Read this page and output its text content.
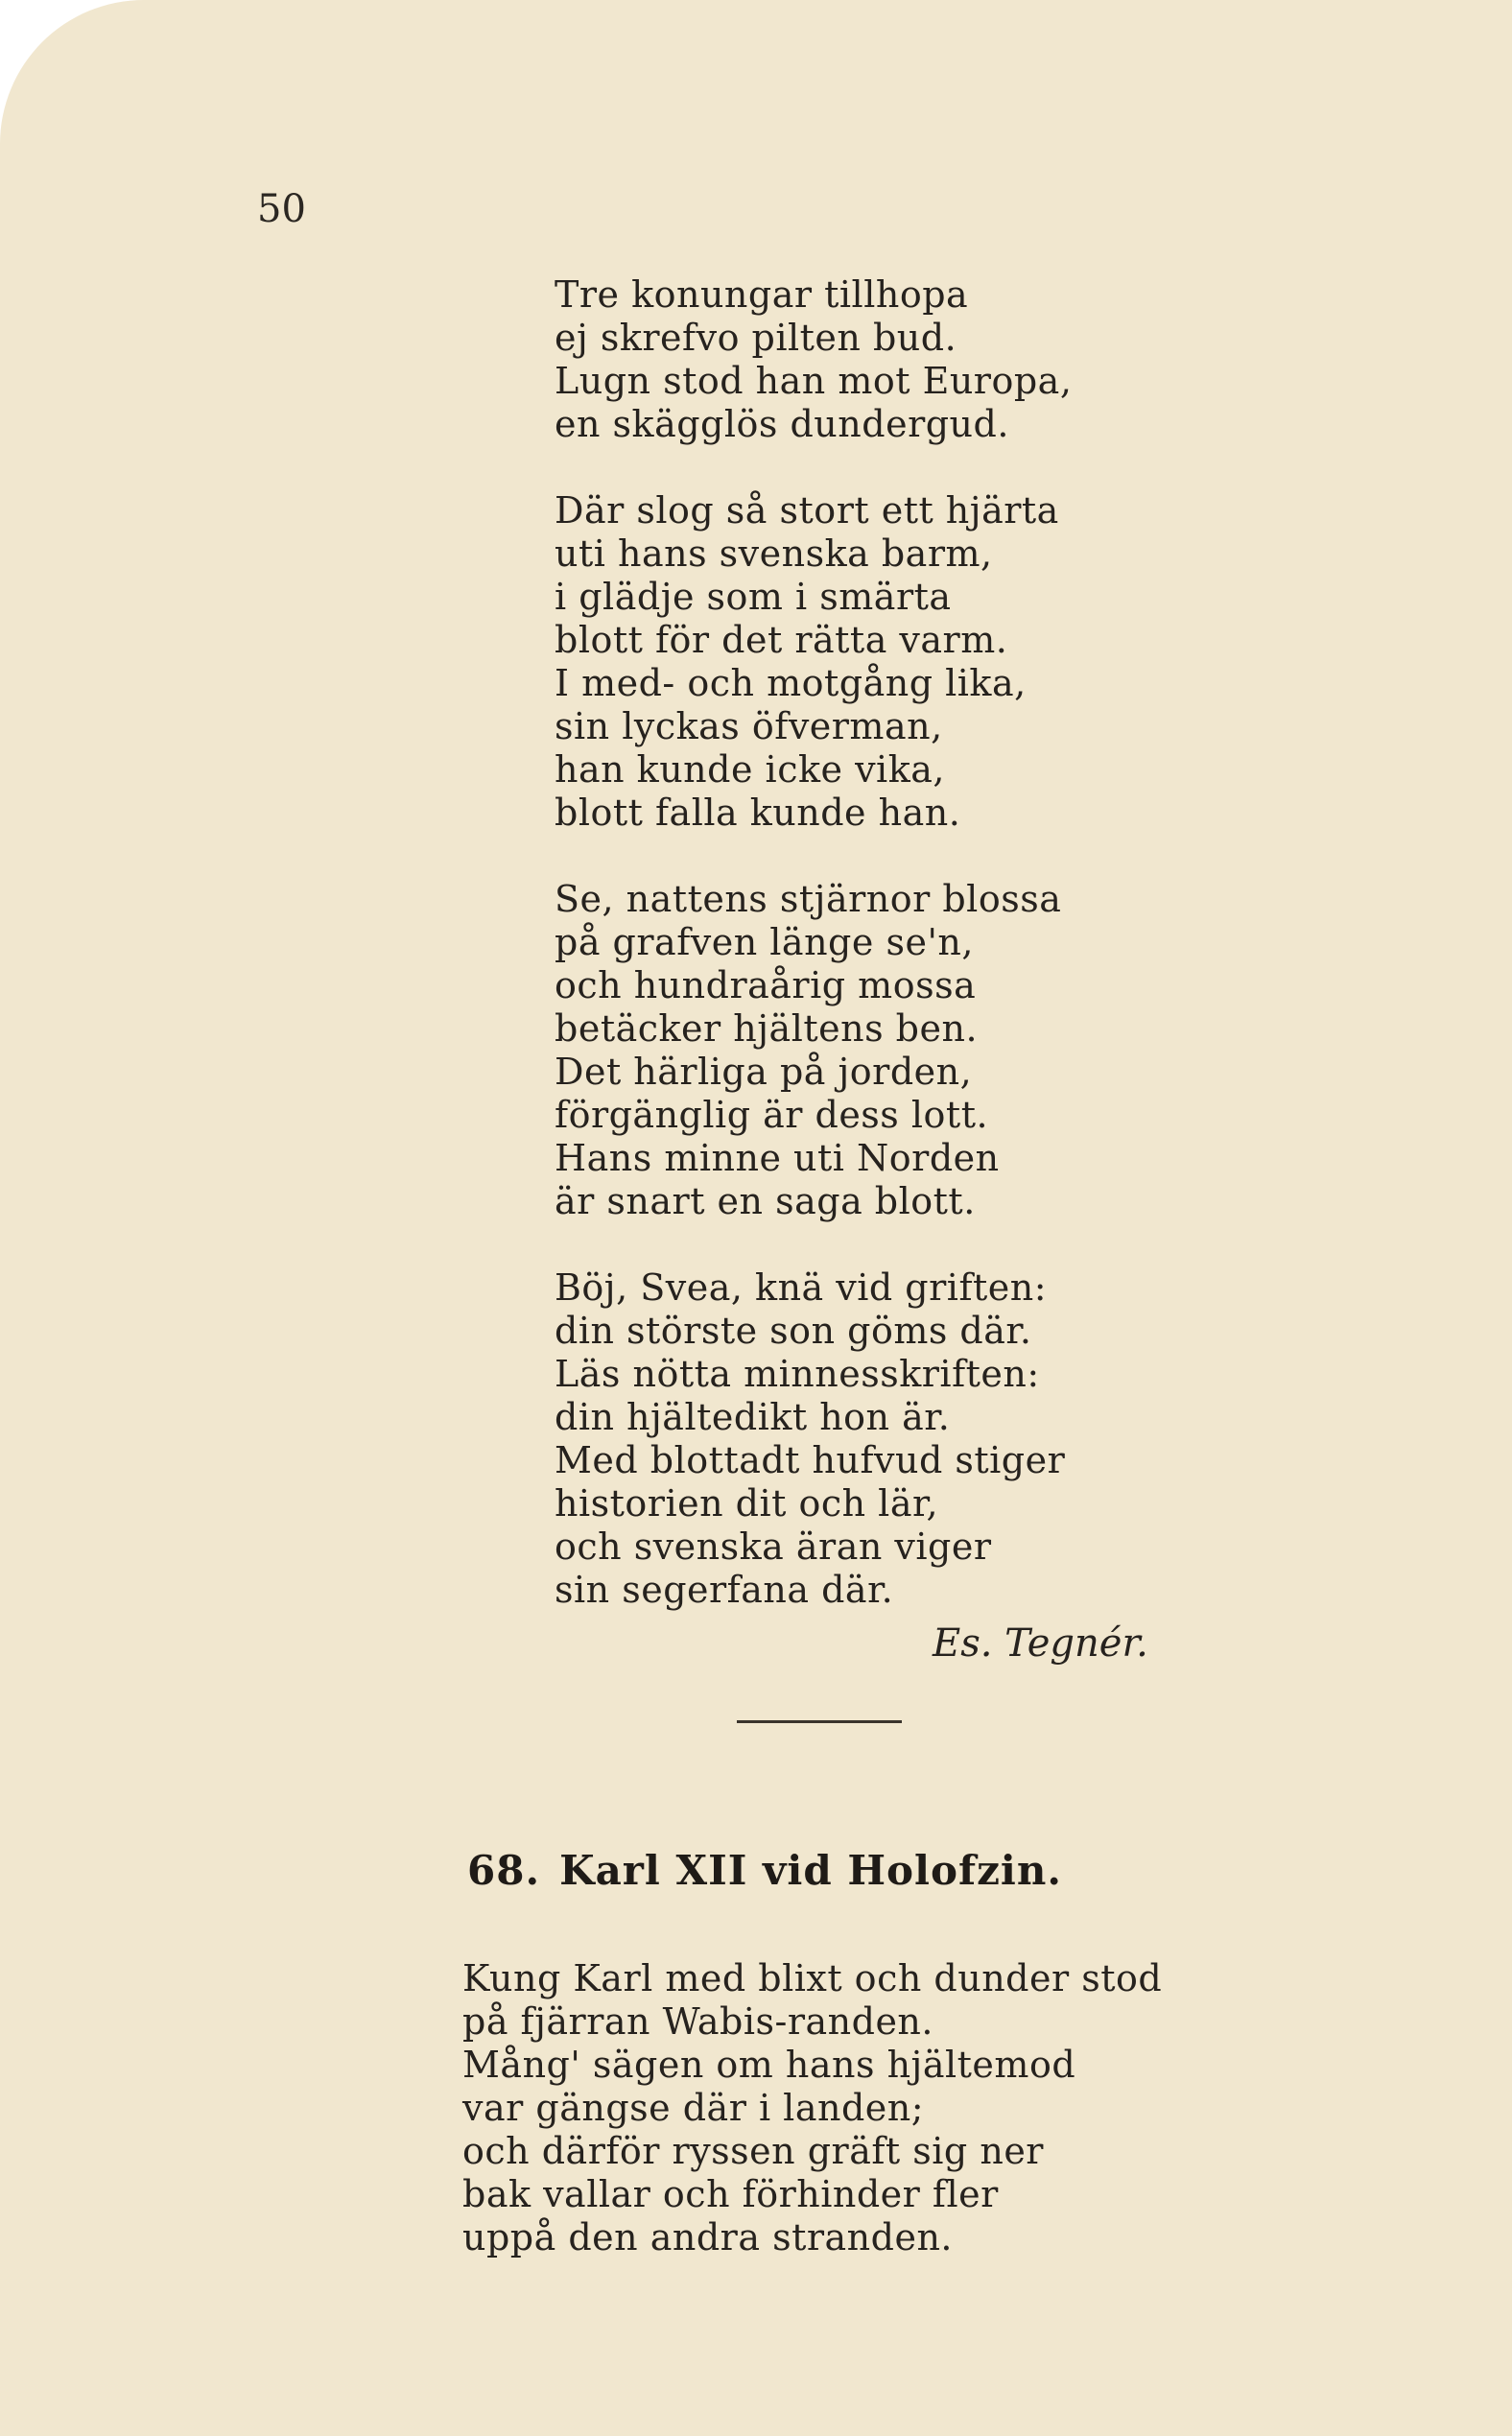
50
Tre konungar tillhopa
ej skrefvo pilten bud.
Lugn stod han mot Europa,
en skägglös dundergud.
Där slog så stort ett hjärta
uti hans svenska barm,
i glädje som i smärta
blott för det rätta varm.
I med- och motgång lika,
sin lyckas öfverman,
han kunde icke vika,
blott falla kunde han.
Se, nattens stjärnor blossa
på grafven länge se'n,
och hundraårig mossa
betäcker hjältens ben.
Det härliga på jorden,
förgänglig är dess lott.
Hans minne uti Norden
är snart en saga blott.
Böj, Svea, knä vid griften:
din störste son göms där.
Läs nötta minnesskriften:
din hjältedikt hon är.
Med blottadt hufvud stiger
historien dit och lär,
och svenska äran viger
sin segerfana där.
Es. Tegnér.
68. Karl XII vid Holofzin.
Kung Karl med blixt och dunder stod
på fjärran Wabis-randen.
Mång' sägen om hans hjältemod
var gängse där i landen;
och därför ryssen gräft sig ner
bak vallar och förhinder fler
uppå den andra stranden.
